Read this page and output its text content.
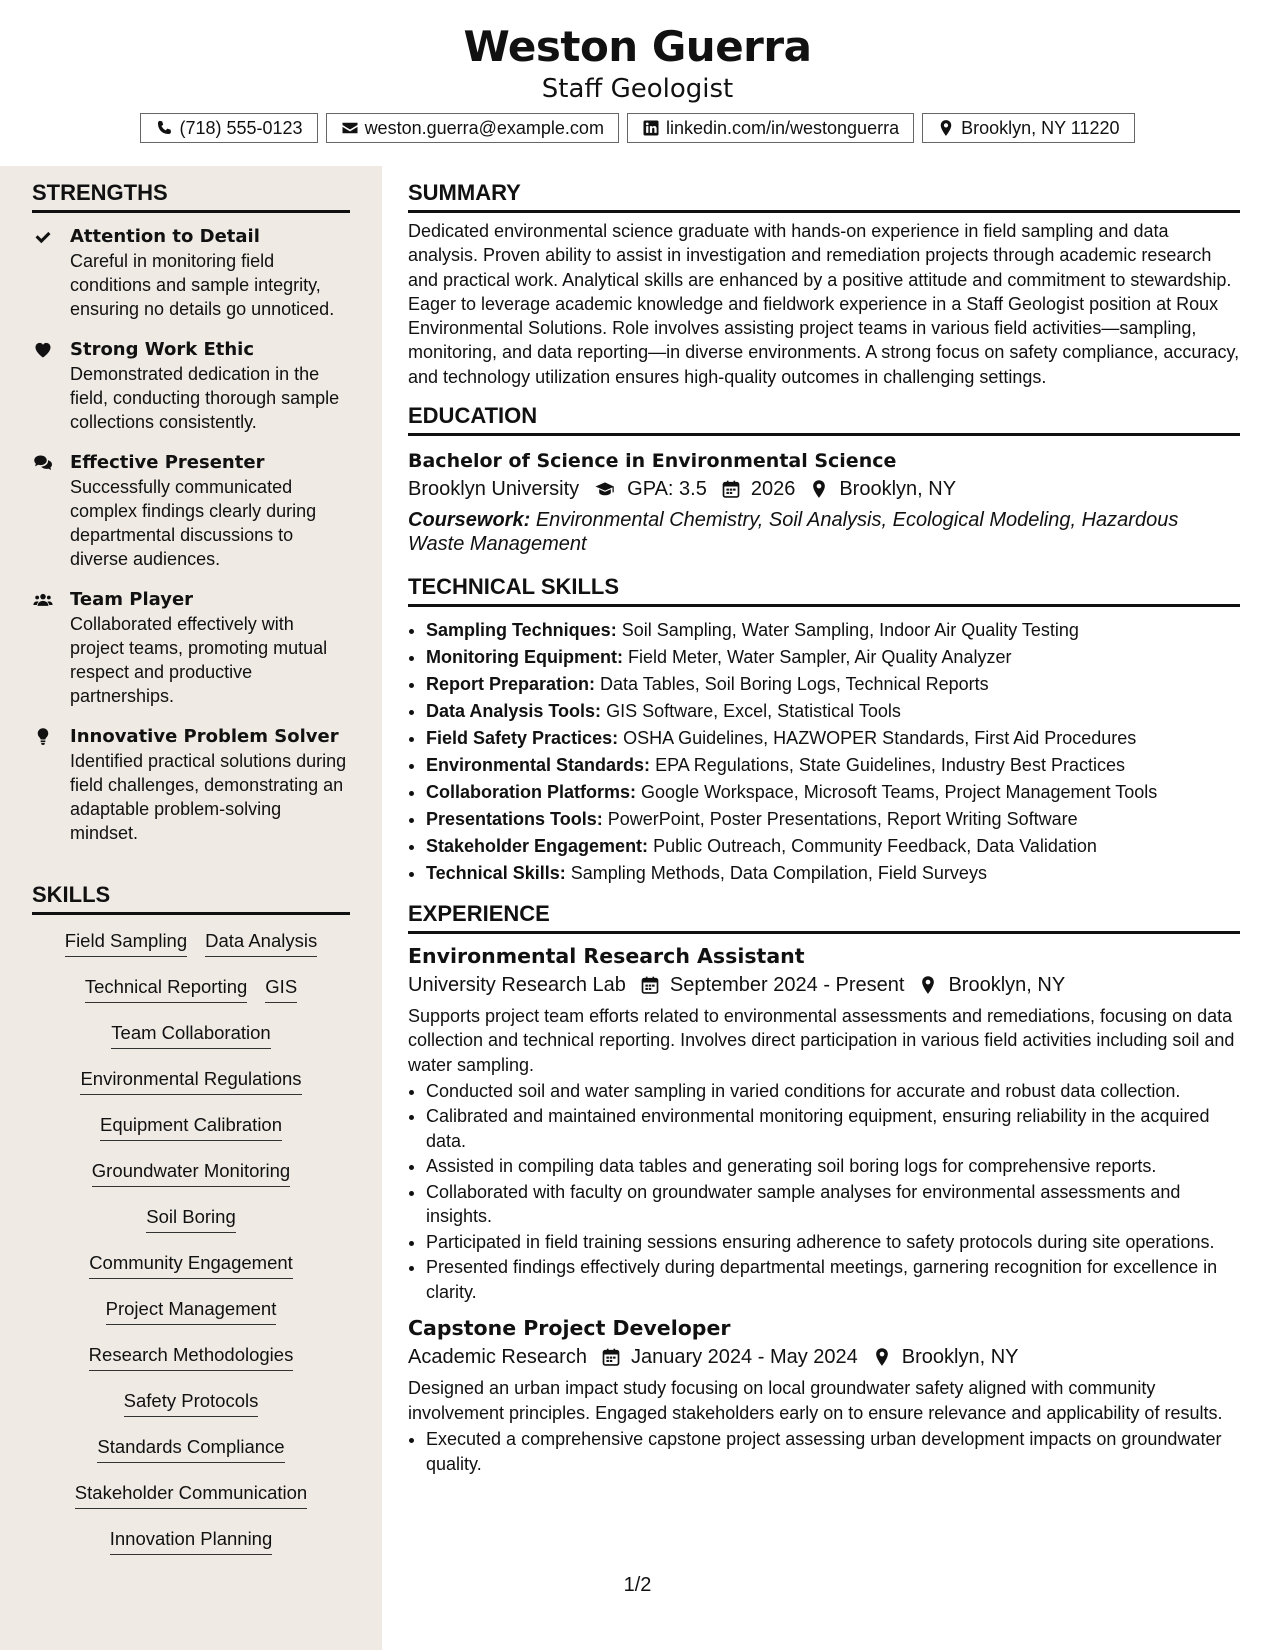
Weston Guerra
Staff Geologist
(718) 555-0123	weston.guerra@example.com	linkedin.com/in/westonguerra	Brooklyn, NY 11220
STRENGTHS
Attention to Detail
Careful in monitoring field conditions and sample integrity, ensuring no details go unnoticed.
Strong Work Ethic
Demonstrated dedication in the field, conducting thorough sample collections consistently.
Effective Presenter
Successfully communicated complex findings clearly during departmental discussions to diverse audiences.
Team Player
Collaborated effectively with project teams, promoting mutual respect and productive partnerships.
Innovative Problem Solver
Identified practical solutions during field challenges, demonstrating an adaptable problem-solving mindset.
SKILLS
Field Sampling Data Analysis
Technical Reporting GIS
Team Collaboration
Environmental Regulations
Equipment Calibration
Groundwater Monitoring
Soil Boring
Community Engagement
Project Management
Research Methodologies
Safety Protocols
Standards Compliance
Stakeholder Communication
Innovation Planning
SUMMARY

Dedicated environmental science graduate with hands-on experience in field sampling and data analysis. Proven ability to assist in investigation and remediation projects through academic research and practical work. Analytical skills are enhanced by a positive attitude and commitment to stewardship. Eager to leverage academic knowledge and fieldwork experience in a Staff Geologist position at Roux Environmental Solutions. Role involves assisting project teams in various field activities—sampling, monitoring, and data reporting—in diverse environments. A strong focus on safety compliance, accuracy, and technology utilization ensures high-quality outcomes in challenging settings.

EDUCATION
Bachelor of Science in Environmental Science
Brooklyn University GPA: 3.5 2026 Brooklyn, NY
Coursework: Environmental Chemistry, Soil Analysis, Ecological Modeling, Hazardous Waste Management
TECHNICAL SKILLS
• Sampling Techniques: Soil Sampling, Water Sampling, Indoor Air Quality Testing
• Monitoring Equipment: Field Meter, Water Sampler, Air Quality Analyzer
• Report Preparation: Data Tables, Soil Boring Logs, Technical Reports
• Data Analysis Tools: GIS Software, Excel, Statistical Tools
• Field Safety Practices: OSHA Guidelines, HAZWOPER Standards, First Aid Procedures
• Environmental Standards: EPA Regulations, State Guidelines, Industry Best Practices
• Collaboration Platforms: Google Workspace, Microsoft Teams, Project Management Tools
• Presentations Tools: PowerPoint, Poster Presentations, Report Writing Software
• Stakeholder Engagement: Public Outreach, Community Feedback, Data Validation
• Technical Skills: Sampling Methods, Data Compilation, Field Surveys
EXPERIENCE
Environmental Research Assistant
University Research Lab September 2024 - Present Brooklyn, NY

Supports project team efforts related to environmental assessments and remediations, focusing on data collection and technical reporting. Involves direct participation in various field activities including soil and water sampling.

• Conducted soil and water sampling in varied conditions for accurate and robust data collection.
• Calibrated and maintained environmental monitoring equipment, ensuring reliability in the acquired data.
• Assisted in compiling data tables and generating soil boring logs for comprehensive reports.
• Collaborated with faculty on groundwater sample analyses for environmental assessments and insights.
• Participated in field training sessions ensuring adherence to safety protocols during site operations.
• Presented findings effectively during departmental meetings, garnering recognition for excellence in clarity.
Capstone Project Developer
Academic Research January 2024 - May 2024 Brooklyn, NY

Designed an urban impact study focusing on local groundwater safety aligned with community involvement principles. Engaged stakeholders early on to ensure relevance and applicability of results.

• Executed a comprehensive capstone project assessing urban development impacts on groundwater quality.
1/2
